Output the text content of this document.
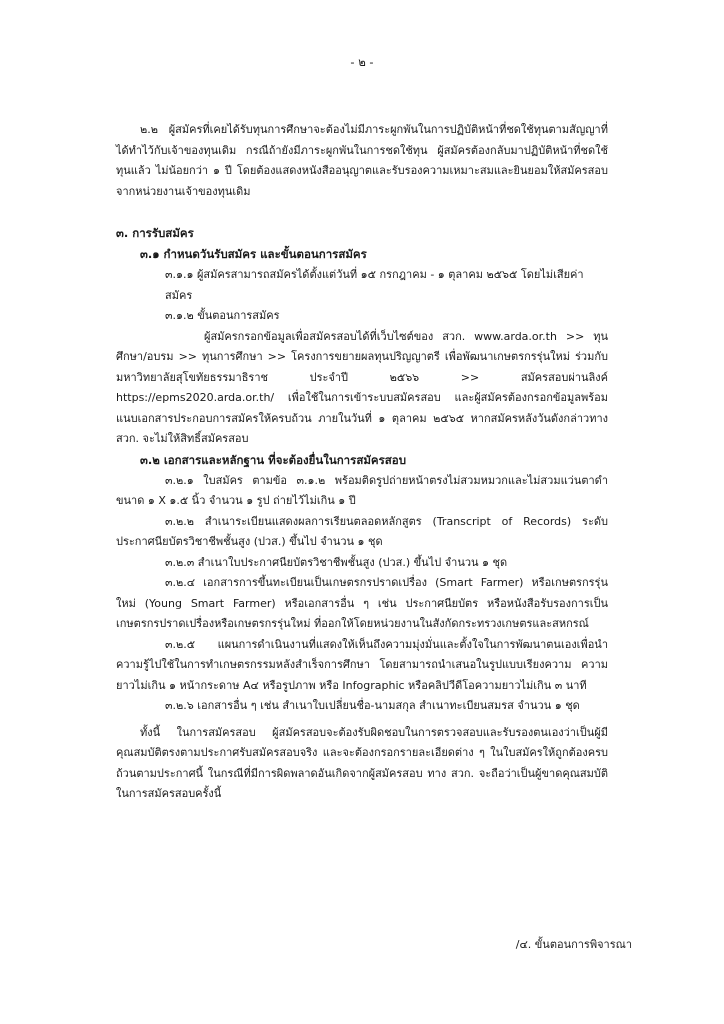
- ๒ -

๒.๒ ผู้สมัครที่เคยได้รับทุนการศึกษาจะต้องไม่มีภาระผูกพันในการปฏิบัติหน้าที่ชดใช้ทุนตามสัญญาที่ได้ทำไว้กับเจ้าของทุนเดิม กรณีถ้ายังมีภาระผูกพันในการชดใช้ทุน ผู้สมัครต้องกลับมาปฏิบัติหน้าที่ชดใช้ทุนแล้ว ไม่น้อยกว่า ๑ ปี โดยต้องแสดงหนังสืออนุญาตและรับรองความเหมาะสมและยินยอมให้สมัครสอบจากหน่วยงานเจ้าของทุนเดิม

๓. การรับสมัคร

๓.๑ กำหนดวันรับสมัคร และขั้นตอนการสมัคร

๓.๑.๑ ผู้สมัครสามารถสมัครได้ตั้งแต่วันที่ ๑๕ กรกฎาคม - ๑ ตุลาคม ๒๕๖๕ โดยไม่เสียค่าสมัคร

๓.๑.๒ ขั้นตอนการสมัคร

ผู้สมัครกรอกข้อมูลเพื่อสมัครสอบได้ที่เว็บไซต์ของ สวก. www.arda.or.th >> ทุนศึกษา/อบรม >> ทุนการศึกษา >> โครงการขยายผลทุนปริญญาตรี เพื่อพัฒนาเกษตรกรรุ่นใหม่ ร่วมกับมหาวิทยาลัยสุโขทัยธรรมาธิราช ประจำปี ๒๕๖๖ >> สมัครสอบผ่านลิงค์ https://epms2020.arda.or.th/ เพื่อใช้ในการเข้าระบบสมัครสอบ และผู้สมัครต้องกรอกข้อมูลพร้อมแนบเอกสารประกอบการสมัครให้ครบถ้วน ภายในวันที่ ๑ ตุลาคม ๒๕๖๕ หากสมัครหลังวันดังกล่าวทาง สวก. จะไม่ให้สิทธิ์สมัครสอบ

๓.๒ เอกสารและหลักฐาน ที่จะต้องยื่นในการสมัครสอบ

๓.๒.๑ ใบสมัคร ตามข้อ ๓.๑.๒ พร้อมติดรูปถ่ายหน้าตรงไม่สวมหมวกและไม่สวมแว่นตาดำ ขนาด ๑ X ๑.๕ นิ้ว จำนวน ๑ รูป ถ่ายไว้ไม่เกิน ๑ ปี

๓.๒.๒ สำเนาระเบียนแสดงผลการเรียนตลอดหลักสูตร (Transcript of Records) ระดับประกาศนียบัตรวิชาชีพชั้นสูง (ปวส.) ขึ้นไป จำนวน ๑ ชุด

๓.๒.๓ สำเนาใบประกาศนียบัตรวิชาชีพชั้นสูง (ปวส.) ขึ้นไป จำนวน ๑ ชุด

๓.๒.๔ เอกสารการขึ้นทะเบียนเป็นเกษตรกรปราดเปรื่อง (Smart Farmer) หรือเกษตรกรรุ่นใหม่ (Young Smart Farmer) หรือเอกสารอื่น ๆ เช่น ประกาศนียบัตร หรือหนังสือรับรองการเป็นเกษตรกรปราดเปรื่องหรือเกษตรกรรุ่นใหม่ ที่ออกให้โดยหน่วยงานในสังกัดกระทรวงเกษตรและสหกรณ์

๓.๒.๕ แผนการดำเนินงานที่แสดงให้เห็นถึงความมุ่งมั่นและตั้งใจในการพัฒนาตนเองเพื่อนำความรู้ไปใช้ในการทำเกษตรกรรมหลังสำเร็จการศึกษา โดยสามารถนำเสนอในรูปแบบเรียงความ ความยาวไม่เกิน ๑ หน้ากระดาษ A๔ หรือรูปภาพ หรือ Infographic หรือคลิปวีดีโอความยาวไม่เกิน ๓ นาที

๓.๒.๖ เอกสารอื่น ๆ เช่น สำเนาใบเปลี่ยนชื่อ-นามสกุล สำเนาทะเบียนสมรส จำนวน ๑ ชุด

ทั้งนี้ ในการสมัครสอบ ผู้สมัครสอบจะต้องรับผิดชอบในการตรวจสอบและรับรองตนเองว่าเป็นผู้มีคุณสมบัติตรงตามประกาศรับสมัครสอบจริง และจะต้องกรอกรายละเอียดต่าง ๆ ในใบสมัครให้ถูกต้องครบถ้วนตามประกาศนี้ ในกรณีที่มีการผิดพลาดอันเกิดจากผู้สมัครสอบ ทาง สวก. จะถือว่าเป็นผู้ขาดคุณสมบัติในการสมัครสอบครั้งนี้

/๔. ขั้นตอนการพิจารณา
